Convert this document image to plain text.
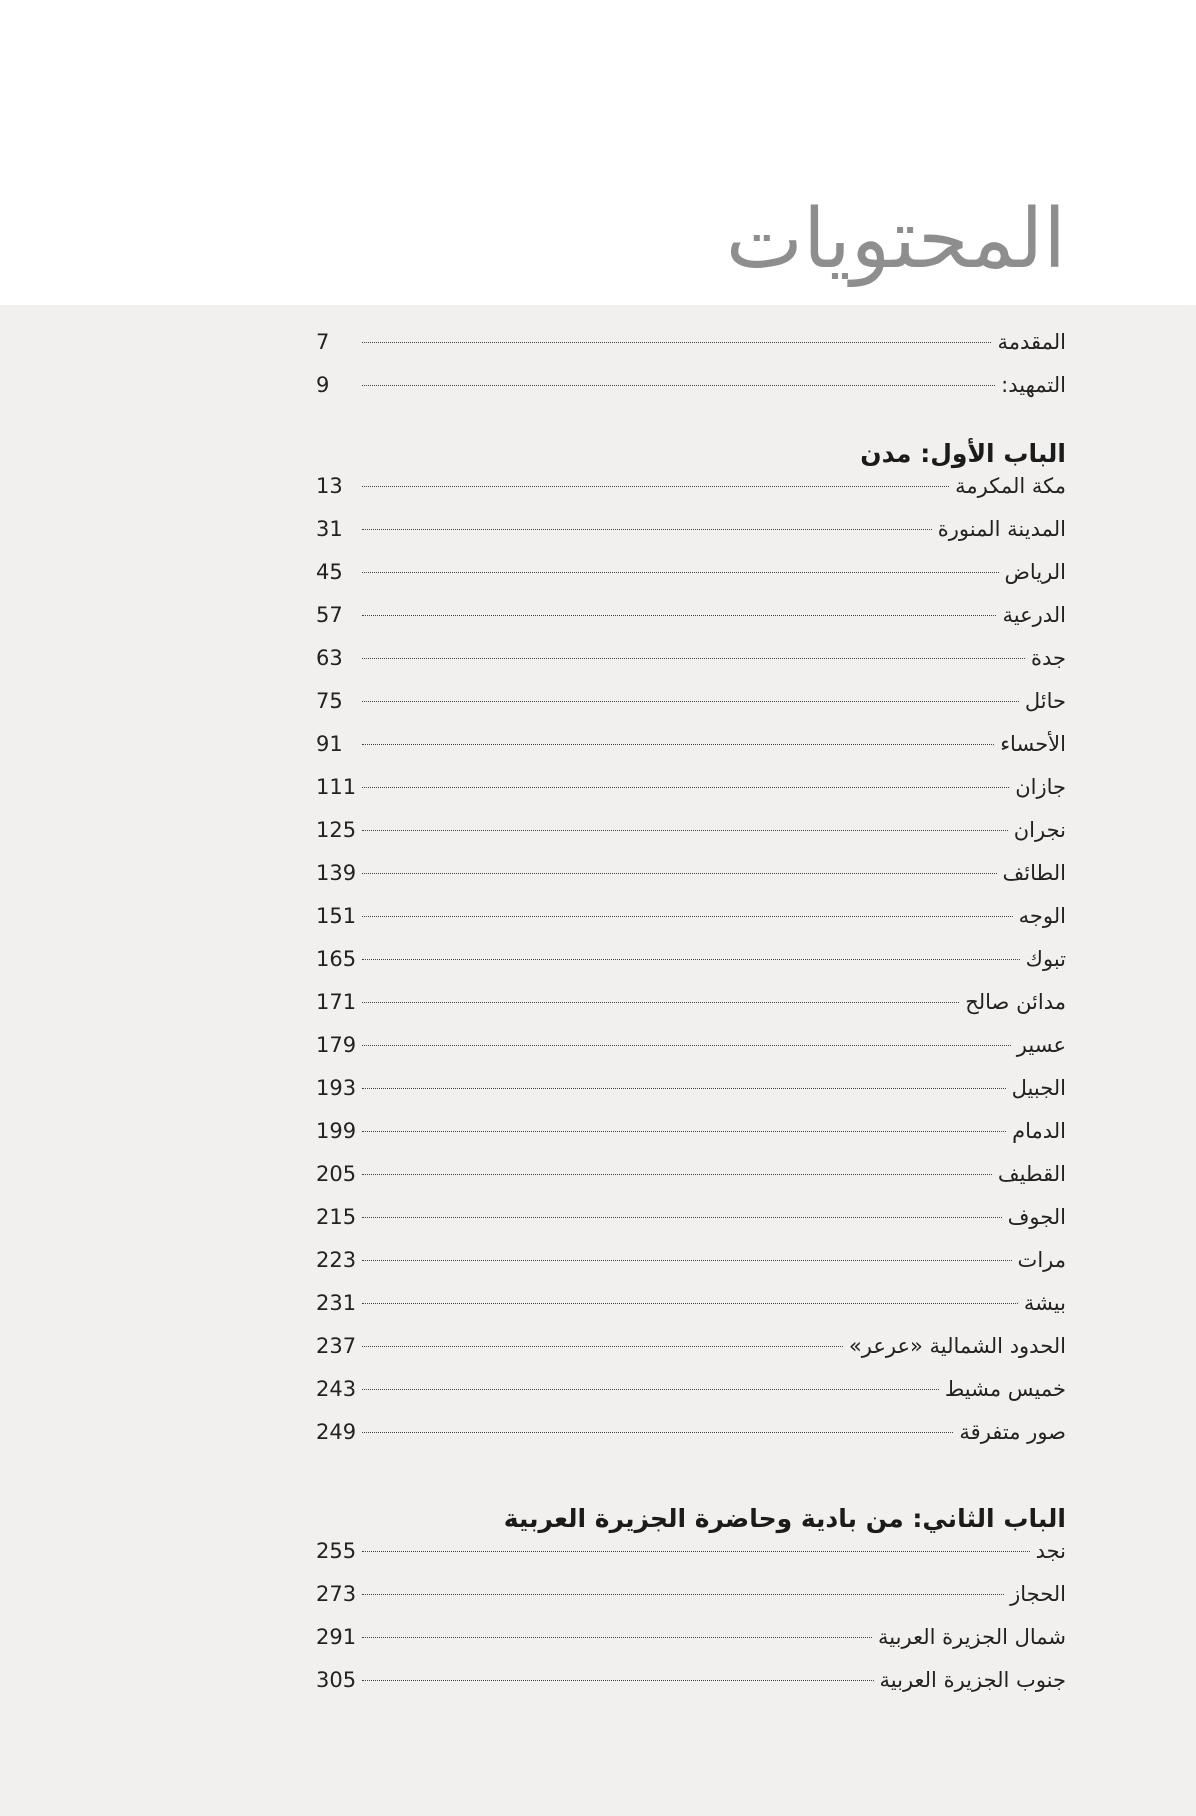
المحتويات
المقدمة
7
التمهيد:
9
الباب الأول: مدن
مكة المكرمة
13
المدينة المنورة
31
الرياض
45
الدرعية
57
جدة
63
حائل
75
الأحساء
91
جازان
111
نجران
125
الطائف
139
الوجه
151
تبوك
165
مدائن صالح
171
عسير
179
الجبيل
193
الدمام
199
القطيف
205
الجوف
215
مرات
223
بيشة
231
الحدود الشمالية «عرعر»
237
خميس مشيط
243
صور متفرقة
249
الباب الثاني: من بادية وحاضرة الجزيرة العربية
نجد
255
الحجاز
273
شمال الجزيرة العربية
291
جنوب الجزيرة العربية
305
